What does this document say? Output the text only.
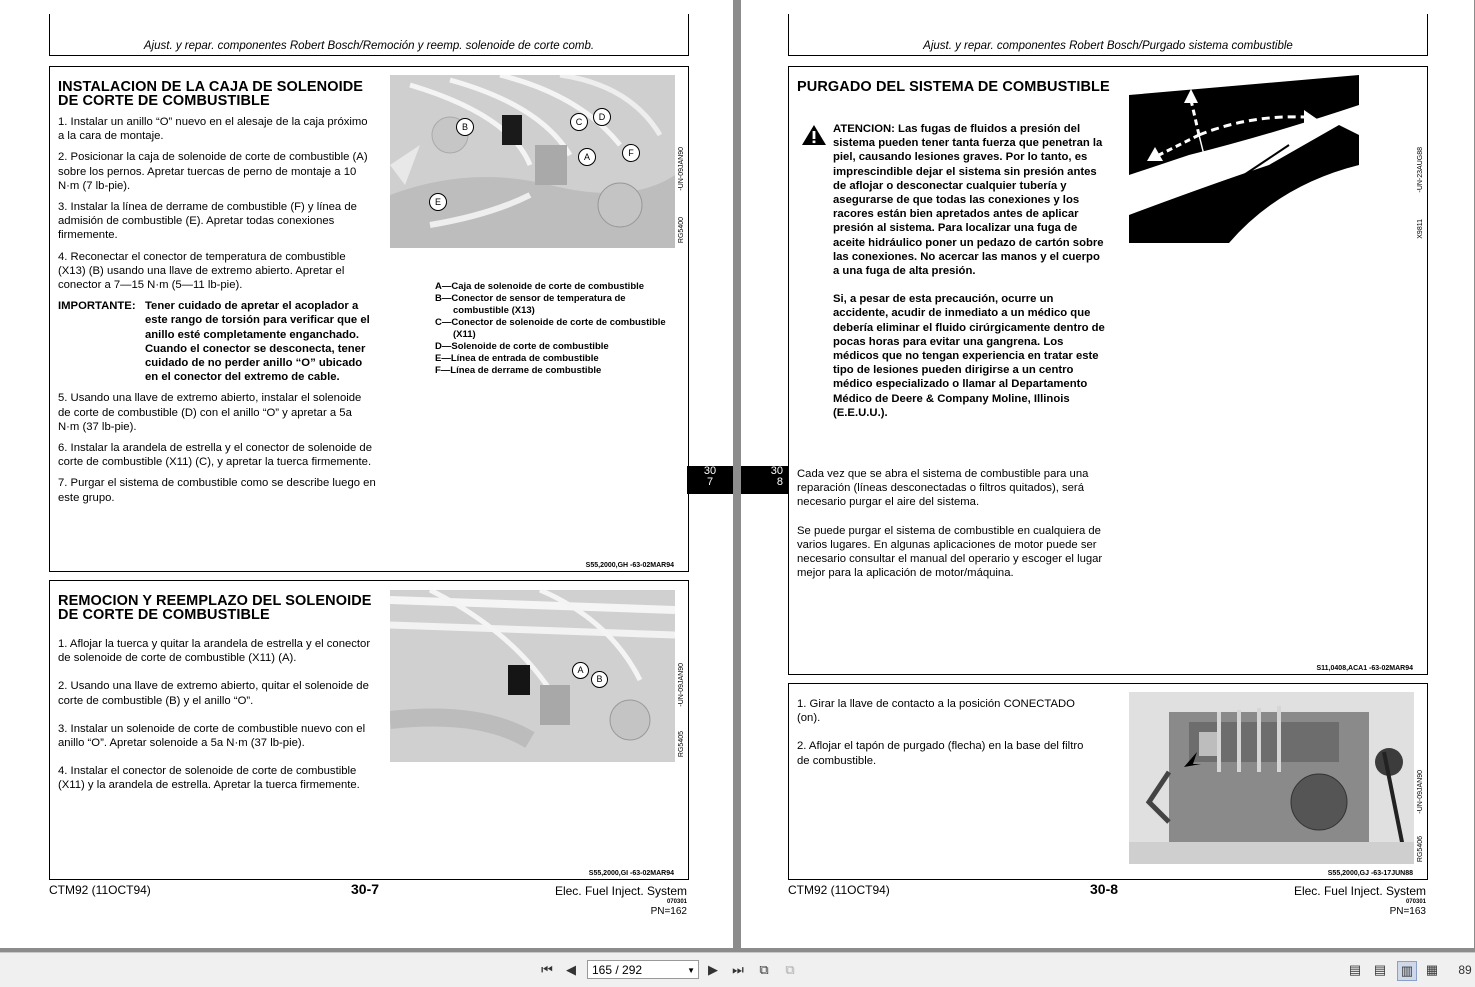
Ajust. y repar. componentes Robert Bosch/Remoción y reemp. solenoide de corte comb.
INSTALACION DE LA CAJA DE SOLENOIDE DE CORTE DE COMBUSTIBLE

1. Instalar un anillo “O” nuevo en el alesaje de la caja próximo a la cara de montaje.

2. Posicionar la caja de solenoide de corte de combustible (A) sobre los pernos. Apretar tuercas de perno de montaje a 10 N·m (7 lb-pie).

3. Instalar la línea de derrame de combustible (F) y línea de admisión de combustible (E). Apretar todas conexiones firmemente.

4. Reconectar el conector de temperatura de combustible (X13) (B) usando una llave de extremo abierto. Apretar el conector a 7—15 N·m (5—11 lb-pie).

IMPORTANTE: Tener cuidado de apretar el acoplador a este rango de torsión para verificar que el anillo esté completamente enganchado. Cuando el conector se desconecta, tener cuidado de no perder anillo “O” ubicado en el conector del extremo de cable.

5. Usando una llave de extremo abierto, instalar el solenoide de corte de combustible (D) con el anillo “O” y apretar a 5a N·m (37 lb-pie).

6. Instalar la arandela de estrella y el conector de solenoide de corte de combustible (X11) (C), y apretar la tuerca firmemente.

7. Purgar el sistema de combustible como se describe luego en este grupo.

B	C	D
A	F
E
-UN-09JAN90
RG5400
A—Caja de solenoide de corte de combustible
B—Conector de sensor de temperatura de combustible (X13)
C—Conector de solenoide de corte de combustible (X11)
D—Solenoide de corte de combustible
E—Línea de entrada de combustible
F—Línea de derrame de combustible
S55,2000,GH -63-02MAR94
REMOCION Y REEMPLAZO DEL SOLENOIDE DE CORTE DE COMBUSTIBLE

1. Aflojar la tuerca y quitar la arandela de estrella y el conector de solenoide de corte de combustible (X11) (A).

2. Usando una llave de extremo abierto, quitar el solenoide de corte de combustible (B) y el anillo “O”.

3. Instalar un solenoide de corte de combustible nuevo con el anillo “O”. Apretar solenoide a 5a N·m (37 lb-pie).

4. Instalar el conector de solenoide de corte de combustible (X11) y la arandela de estrella. Apretar la tuerca firmemente.

A
B	-UN-09JAN90
RG5405
S55,2000,GI -63-02MAR94
30
7
CTM92 (11OCT94)	30-7	Elec. Fuel Inject. System
070301
PN=162
Ajust. y repar. componentes Robert Bosch/Purgado sistema combustible
PURGADO DEL SISTEMA DE COMBUSTIBLE

ATENCION: Las fugas de fluidos a presión del sistema pueden tener tanta fuerza que penetran la piel, causando lesiones graves. Por lo tanto, es imprescindible dejar el sistema sin presión antes de aflojar o desconectar cualquier tubería y asegurarse de que todas las conexiones y los racores están bien apretados antes de aplicar presión al sistema. Para localizar una fuga de aceite hidráulico poner un pedazo de cartón sobre las conexiones. No acercar las manos y el cuerpo a una fuga de alta presión.

Si, a pesar de esta precaución, ocurre un accidente, acudir de inmediato a un médico que debería eliminar el fluido cirúrgicamente dentro de pocas horas para evitar una gangrena. Los médicos que no tengan experiencia en tratar este tipo de lesiones pueden dirigirse a un centro médico especializado o llamar al Departamento Médico de Deere & Company Moline, Illinois (E.E.U.U.).

Cada vez que se abra el sistema de combustible para una reparación (líneas desconectadas o filtros quitados), será necesario purgar el aire del sistema.

Se puede purgar el sistema de combustible en cualquiera de varios lugares. En algunas aplicaciones de motor puede ser necesario consultar el manual del operario y escoger el lugar mejor para la aplicación de motor/máquina.

-UN-23AUG88
X9811
S11,0408,ACA1 -63-02MAR94

1. Girar la llave de contacto a la posición CONECTADO (on).

2. Aflojar el tapón de purgado (flecha) en la base del filtro de combustible.

-UN-09JAN90
RG5406
S55,2000,GJ -63-17JUN88
30
8
CTM92 (11OCT94)	30-8	Elec. Fuel Inject. System
070301
PN=163
⏮	◀	165 / 292	▼	▶	⏭	⧉	⧉	▤ ▤ ▥ ▦ 89
